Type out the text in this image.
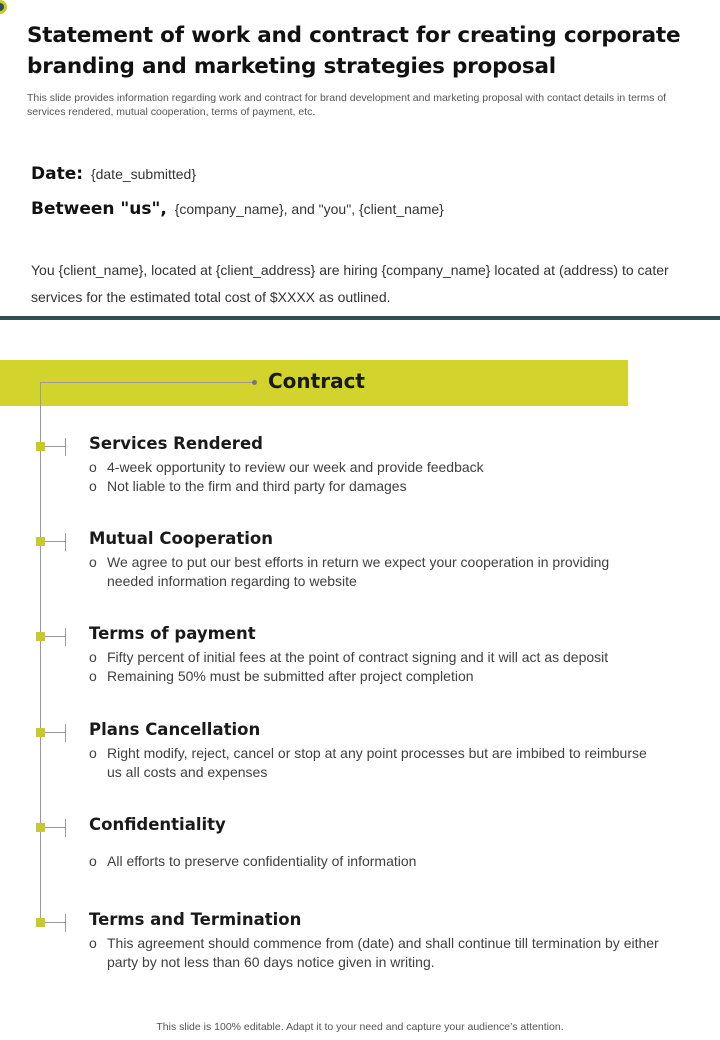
Statement of work and contract for creating corporate branding and marketing strategies proposal
This slide provides information regarding work and contract for brand development and marketing proposal with contact details in terms of services rendered, mutual cooperation, terms of payment, etc.
Date: {date_submitted}
Between "us", {company_name}, and "you", {client_name}
You {client_name}, located at {client_address} are hiring {company_name} located at (address) to cater services for the estimated total cost of $XXXX as outlined.
Contract
Services Rendered
o 4-week opportunity to review our week and provide feedback
o Not liable to the firm and third party for damages
Mutual Cooperation
o We agree to put our best efforts in return we expect your cooperation in providing needed information regarding to website
Terms of payment
o Fifty percent of initial fees at the point of contract signing and it will act as deposit
o Remaining 50% must be submitted after project completion
Plans Cancellation
o Right modify, reject, cancel or stop at any point processes but are imbibed to reimburse us all costs and expenses
Confidentiality
o All efforts to preserve confidentiality of information
Terms and Termination
o This agreement should commence from (date) and shall continue till termination by either party by not less than 60 days notice given in writing.
This slide is 100% editable. Adapt it to your need and capture your audience’s attention.
